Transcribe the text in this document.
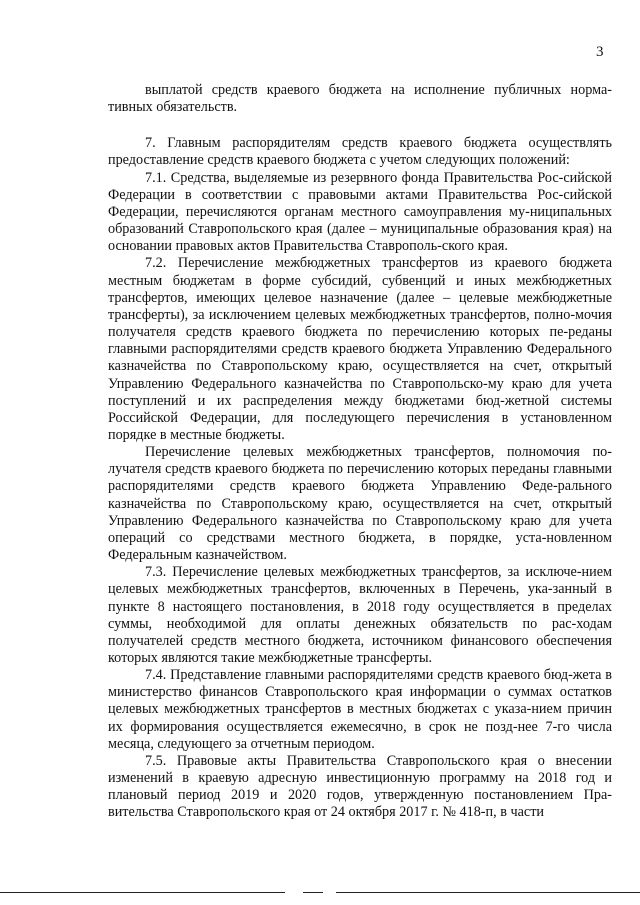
3

выплатой средств краевого бюджета на исполнение публичных норма-тивных обязательств.

7. Главным распорядителям средств краевого бюджета осуществлять предоставление средств краевого бюджета с учетом следующих положений:

7.1. Средства, выделяемые из резервного фонда Правительства Рос-сийской Федерации в соответствии с правовыми актами Правительства Рос-сийской Федерации, перечисляются органам местного самоуправления му-ниципальных образований Ставропольского края (далее – муниципальные образования края) на основании правовых актов Правительства Ставрополь-ского края.

7.2. Перечисление межбюджетных трансфертов из краевого бюджета местным бюджетам в форме субсидий, субвенций и иных межбюджетных трансфертов, имеющих целевое назначение (далее – целевые межбюджетные трансферты), за исключением целевых межбюджетных трансфертов, полно-мочия получателя средств краевого бюджета по перечислению которых пе-реданы главными распорядителями средств краевого бюджета Управлению Федерального казначейства по Ставропольскому краю, осуществляется на счет, открытый Управлению Федерального казначейства по Ставропольско-му краю для учета поступлений и их распределения между бюджетами бюд-жетной системы Российской Федерации, для последующего перечисления в установленном порядке в местные бюджеты.

Перечисление целевых межбюджетных трансфертов, полномочия по-лучателя средств краевого бюджета по перечислению которых переданы главными распорядителями средств краевого бюджета Управлению Феде-рального казначейства по Ставропольскому краю, осуществляется на счет, открытый Управлению Федерального казначейства по Ставропольскому краю для учета операций со средствами местного бюджета, в порядке, уста-новленном Федеральным казначейством.

7.3. Перечисление целевых межбюджетных трансфертов, за исключе-нием целевых межбюджетных трансфертов, включенных в Перечень, ука-занный в пункте 8 настоящего постановления, в 2018 году осуществляется в пределах суммы, необходимой для оплаты денежных обязательств по рас-ходам получателей средств местного бюджета, источником финансового обеспечения которых являются такие межбюджетные трансферты.

7.4. Представление главными распорядителями средств краевого бюд-жета в министерство финансов Ставропольского края информации о суммах остатков целевых межбюджетных трансфертов в местных бюджетах с указа-нием причин их формирования осуществляется ежемесячно, в срок не позд-нее 7-го числа месяца, следующего за отчетным периодом.

7.5. Правовые акты Правительства Ставропольского края о внесении изменений в краевую адресную инвестиционную программу на 2018 год и плановый период 2019 и 2020 годов, утвержденную постановлением Пра-вительства Ставропольского края от 24 октября 2017 г. № 418-п, в части
